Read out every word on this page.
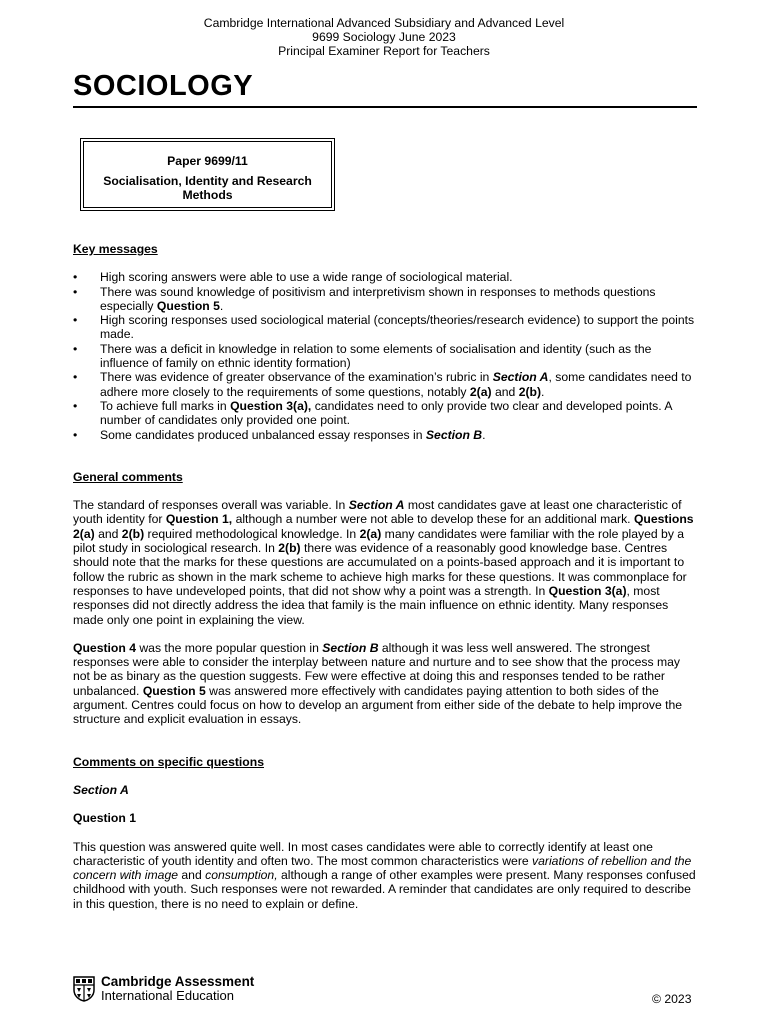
Cambridge International Advanced Subsidiary and Advanced Level
9699 Sociology June 2023
Principal Examiner Report for Teachers
SOCIOLOGY
Paper 9699/11
Socialisation, Identity and Research Methods
Key messages
• High scoring answers were able to use a wide range of sociological material.
• There was sound knowledge of positivism and interpretivism shown in responses to methods questions especially Question 5.
• High scoring responses used sociological material (concepts/theories/research evidence) to support the points made.
• There was a deficit in knowledge in relation to some elements of socialisation and identity (such as the influence of family on ethnic identity formation)
• There was evidence of greater observance of the examination’s rubric in Section A, some candidates need to adhere more closely to the requirements of some questions, notably 2(a) and 2(b).
• To achieve full marks in Question 3(a), candidates need to only provide two clear and developed points. A number of candidates only provided one point.
• Some candidates produced unbalanced essay responses in Section B.
General comments

The standard of responses overall was variable. In Section A most candidates gave at least one characteristic of youth identity for Question 1, although a number were not able to develop these for an additional mark. Questions 2(a) and 2(b) required methodological knowledge. In 2(a) many candidates were familiar with the role played by a pilot study in sociological research. In 2(b) there was evidence of a reasonably good knowledge base. Centres should note that the marks for these questions are accumulated on a points-based approach and it is important to follow the rubric as shown in the mark scheme to achieve high marks for these questions. It was commonplace for responses to have undeveloped points, that did not show why a point was a strength. In Question 3(a), most responses did not directly address the idea that family is the main influence on ethnic identity. Many responses made only one point in explaining the view.

Question 4 was the more popular question in Section B although it was less well answered. The strongest responses were able to consider the interplay between nature and nurture and to see show that the process may not be as binary as the question suggests. Few were effective at doing this and responses tended to be rather unbalanced. Question 5 was answered more effectively with candidates paying attention to both sides of the argument. Centres could focus on how to develop an argument from either side of the debate to help improve the structure and explicit evaluation in essays.

Comments on specific questions
Section A
Question 1

This question was answered quite well. In most cases candidates were able to correctly identify at least one characteristic of youth identity and often two. The most common characteristics were variations of rebellion and the concern with image and consumption, although a range of other examples were present. Many responses confused childhood with youth. Such responses were not rewarded. A reminder that candidates are only required to describe in this question, there is no need to explain or define.

Cambridge Assessment
International Education	© 2023
